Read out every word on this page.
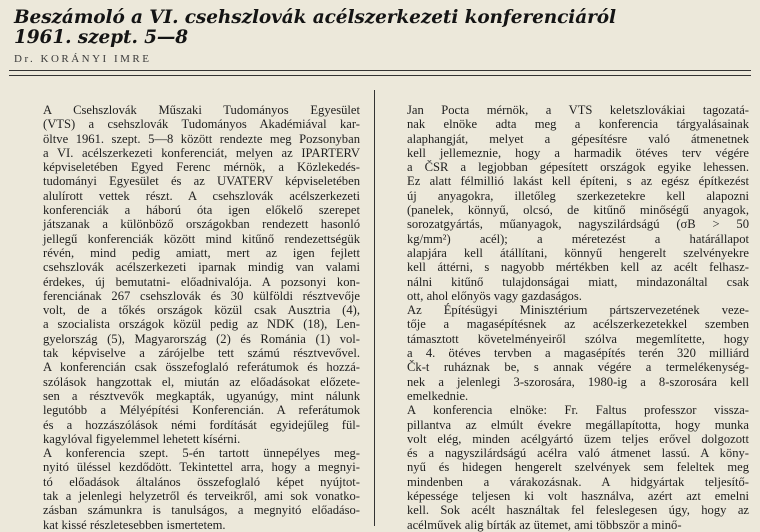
Beszámoló a VI. csehszlovák acélszerkezeti konferenciáról
1961. szept. 5—8
Dr. KORÁNYI IMRE

A Csehszlovák Műszaki Tudományos Egyesület
(VTS) a csehszlovák Tudományos Akadémiával kar-
öltve 1961. szept. 5—8 között rendezte meg Pozsonyban
a VI. acélszerkezeti konferenciát, melyen az IPARTERV
képviseletében Egyed Ferenc mérnök, a Közlekedés-
tudományi Egyesület és az UVATERV képviseletében
alulírott vettek részt. A csehszlovák acélszerkezeti
konferenciák a háború óta igen előkelő szerepet
játszanak a különböző országokban rendezett hasonló
jellegű konferenciák között mind kitűnő rendezettségük
révén, mind pedig amiatt, mert az igen fejlett
csehszlovák acélszerkezeti iparnak mindig van valami
érdekes, új bemutatni- előadnivalója. A pozsonyi kon-
ferenciának 267 csehszlovák és 30 külföldi résztvevője
volt, de a tőkés országok közül csak Ausztria (4),
a szocialista országok közül pedig az NDK (18), Len-
gyelország (5), Magyarország (2) és Románia (1) vol-
tak képviselve a zárójelbe tett számú résztvevővel.
A konferencián csak összefoglaló referátumok és hozzá-
szólások hangzottak el, miután az előadásokat előzete-
sen a résztvevők megkapták, ugyanúgy, mint nálunk
legutóbb a Mélyépítési Konferencián. A referátumok
és a hozzászólások némi fordítását egyidejűleg fül-
kagylóval figyelemmel lehetett kísérni.

A konferencia szept. 5-én tartott ünnepélyes meg-
nyitó üléssel kezdődött. Tekintettel arra, hogy a megnyi-
tó előadások általános összefoglaló képet nyújtot-
tak a jelenlegi helyzetről és terveikről, ami sok vonatko-
zásban számunkra is tanulságos, a megnyitó előadáso-
kat kissé részletesebben ismertetem.

Jan Pocta mérnök, a VTS keletszlovákiai tagozatá-
nak elnöke adta meg a konferencia tárgyalásainak
alaphangját, melyet a gépesítésre való átmenetnek
kell jellemeznie, hogy a harmadik ötéves terv végére
a ČSR a legjobban gépesített országok egyike lehessen.
Ez alatt félmillió lakást kell építeni, s az egész építkezést
új anyagokra, illetőleg szerkezetekre kell alapozni
(panelek, könnyű, olcsó, de kitűnő minőségű anyagok,
sorozatgyártás, műanyagok, nagyszilárdságú (σB > 50
kg/mm²) acél); a méretezést a határállapot
alapjára kell átállítani, könnyű hengerelt szelvényekre
kell áttérni, s nagyobb mértékben kell az acélt felhasz-
nálni kitűnő tulajdonságai miatt, mindazonáltal csak
ott, ahol előnyös vagy gazdaságos.

Az Építésügyi Minisztérium pártszervezetének veze-
tője a magasépítésnek az acélszerkezetekkel szemben
támasztott követelményeiről szólva megemlítette, hogy
a 4. ötéves tervben a magasépítés terén 320 milliárd
Čk-t ruháznak be, s annak végére a termelékenység-
nek a jelenlegi 3-szorosára, 1980-ig a 8-szorosára kell
emelkednie.

A konferencia elnöke: Fr. Faltus professzor vissza-
pillantva az elmúlt évekre megállapította, hogy munka
volt elég, minden acélgyártó üzem teljes erővel dolgozott
és a nagyszilárdságú acélra való átmenet lassú. A köny-
nyű és hidegen hengerelt szelvények sem feleltek meg
mindenben a várakozásnak. A hidgyártak teljesítő-
képessége teljesen ki volt használva, azért azt emelni
kell. Sok acélt használtak fel feleslegesen úgy, hogy az
acélművek alig bírták az ütemet, ami többször a minő-
